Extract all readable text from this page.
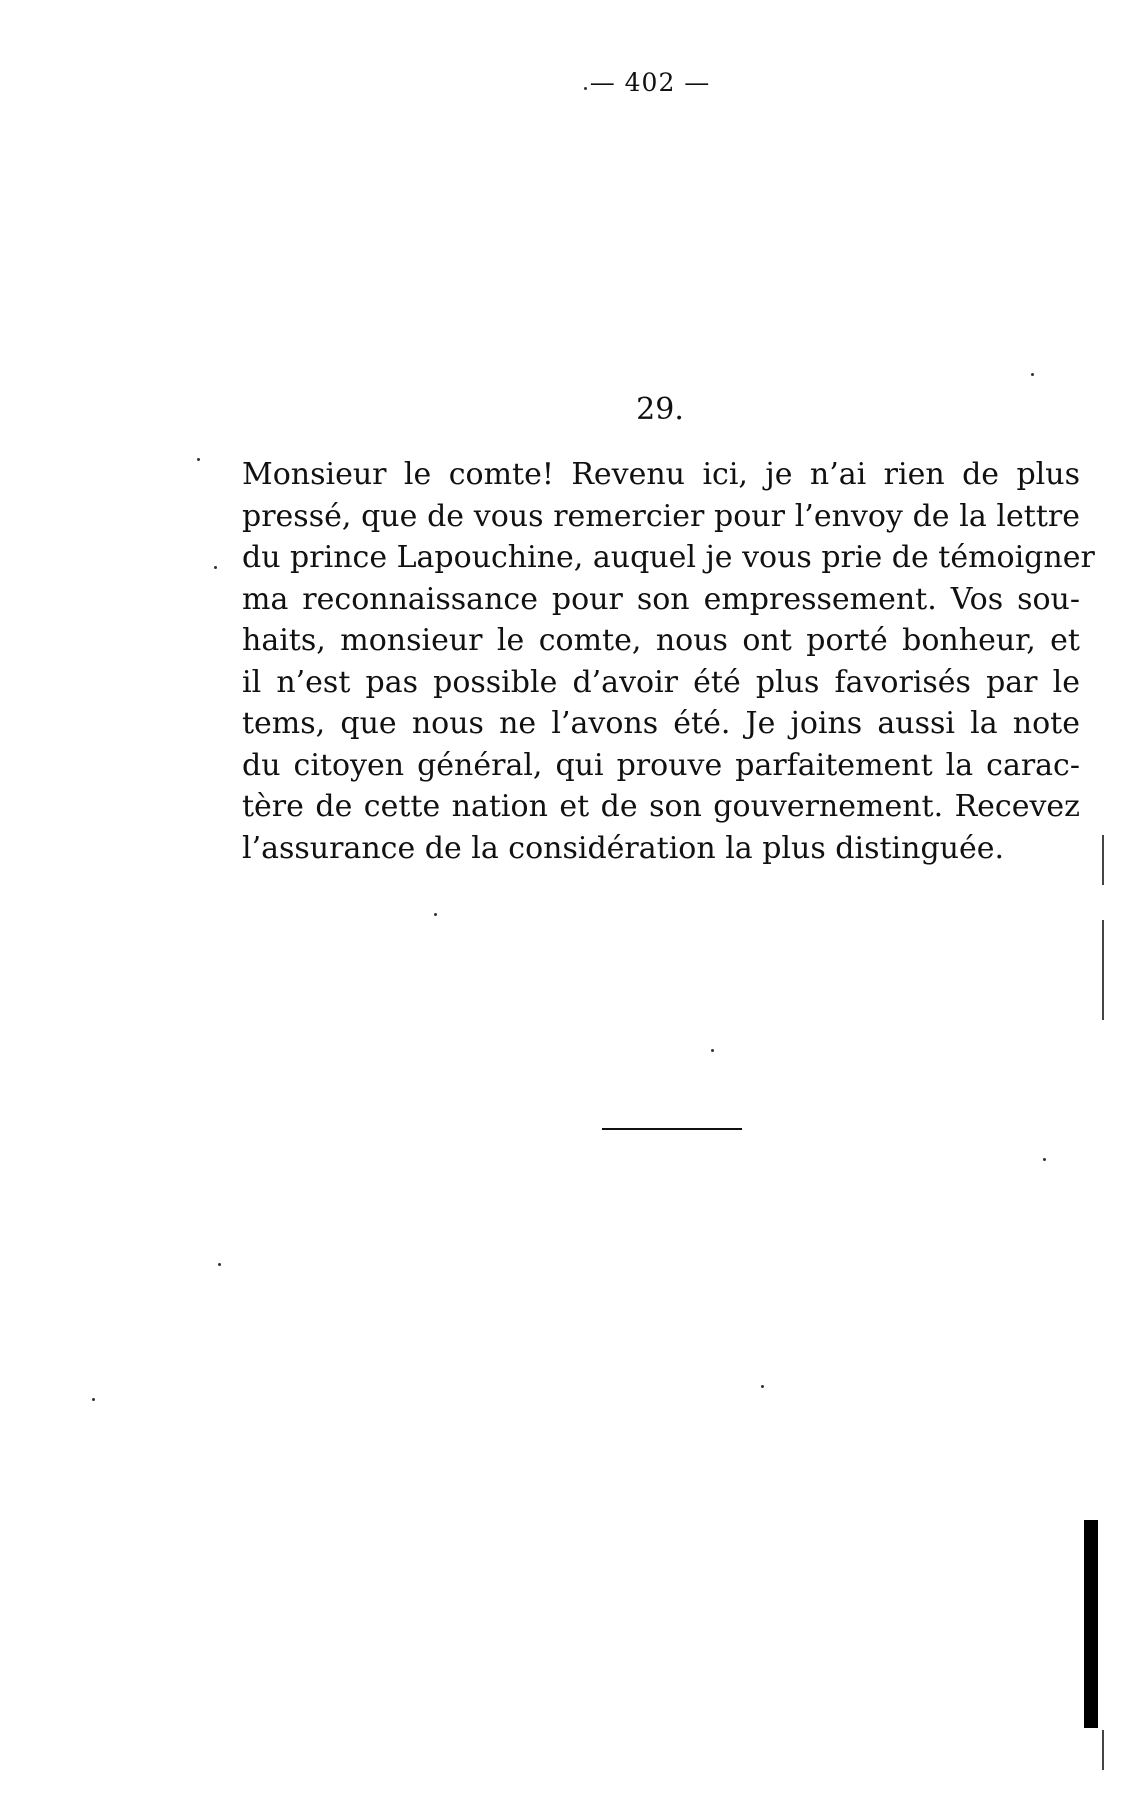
— 402 —
29.
Monsieur le comte! Revenu ici, je n’ai rien de plus
pressé, que de vous remercier pour l’envoy de la lettre
du prince Lapouchine, auquel je vous prie de témoigner
ma reconnaissance pour son empressement. Vos sou-
haits, monsieur le comte, nous ont porté bonheur, et
il n’est pas possible d’avoir été plus favorisés par le
tems, que nous ne l’avons été. Je joins aussi la note
du citoyen général, qui prouve parfaitement la carac-
tère de cette nation et de son gouvernement. Recevez
l’assurance de la considération la plus distinguée.
